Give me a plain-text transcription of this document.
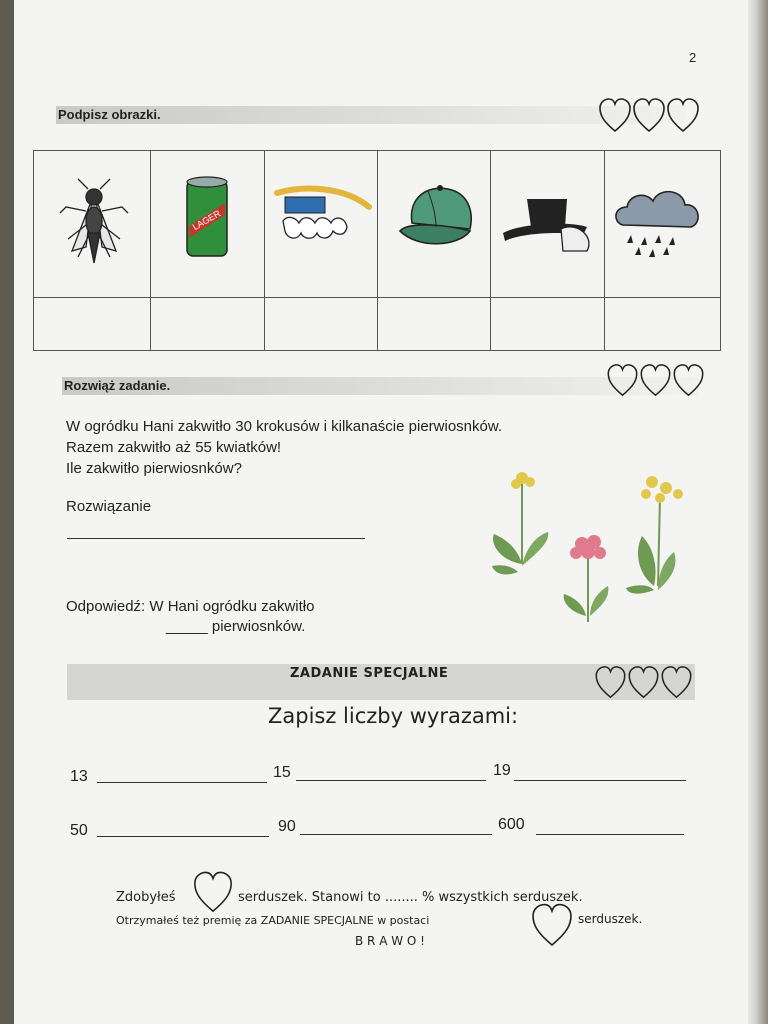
2
Podpisz obrazki.

LAGER

Rozwiąż zadanie.
W ogródku Hani zakwitło 30 krokusów i kilkanaście pierwiosnków.
Razem zakwitło aż 55 kwiatków!
Ile zakwitło pierwiosnków?
Rozwiązanie
Odpowiedź: W Hani ogródku zakwitło
_____ pierwiosnków.
ZADANIE SPECJALNE
Zapisz liczby wyrazami:
13	15	19
50	90	600
Zdobyłeś	serduszek. Stanowi to ........ % wszystkich serduszek.
Otrzymałeś też premię za ZADANIE SPECJALNE w postaci	serduszek.
B R A W O !
